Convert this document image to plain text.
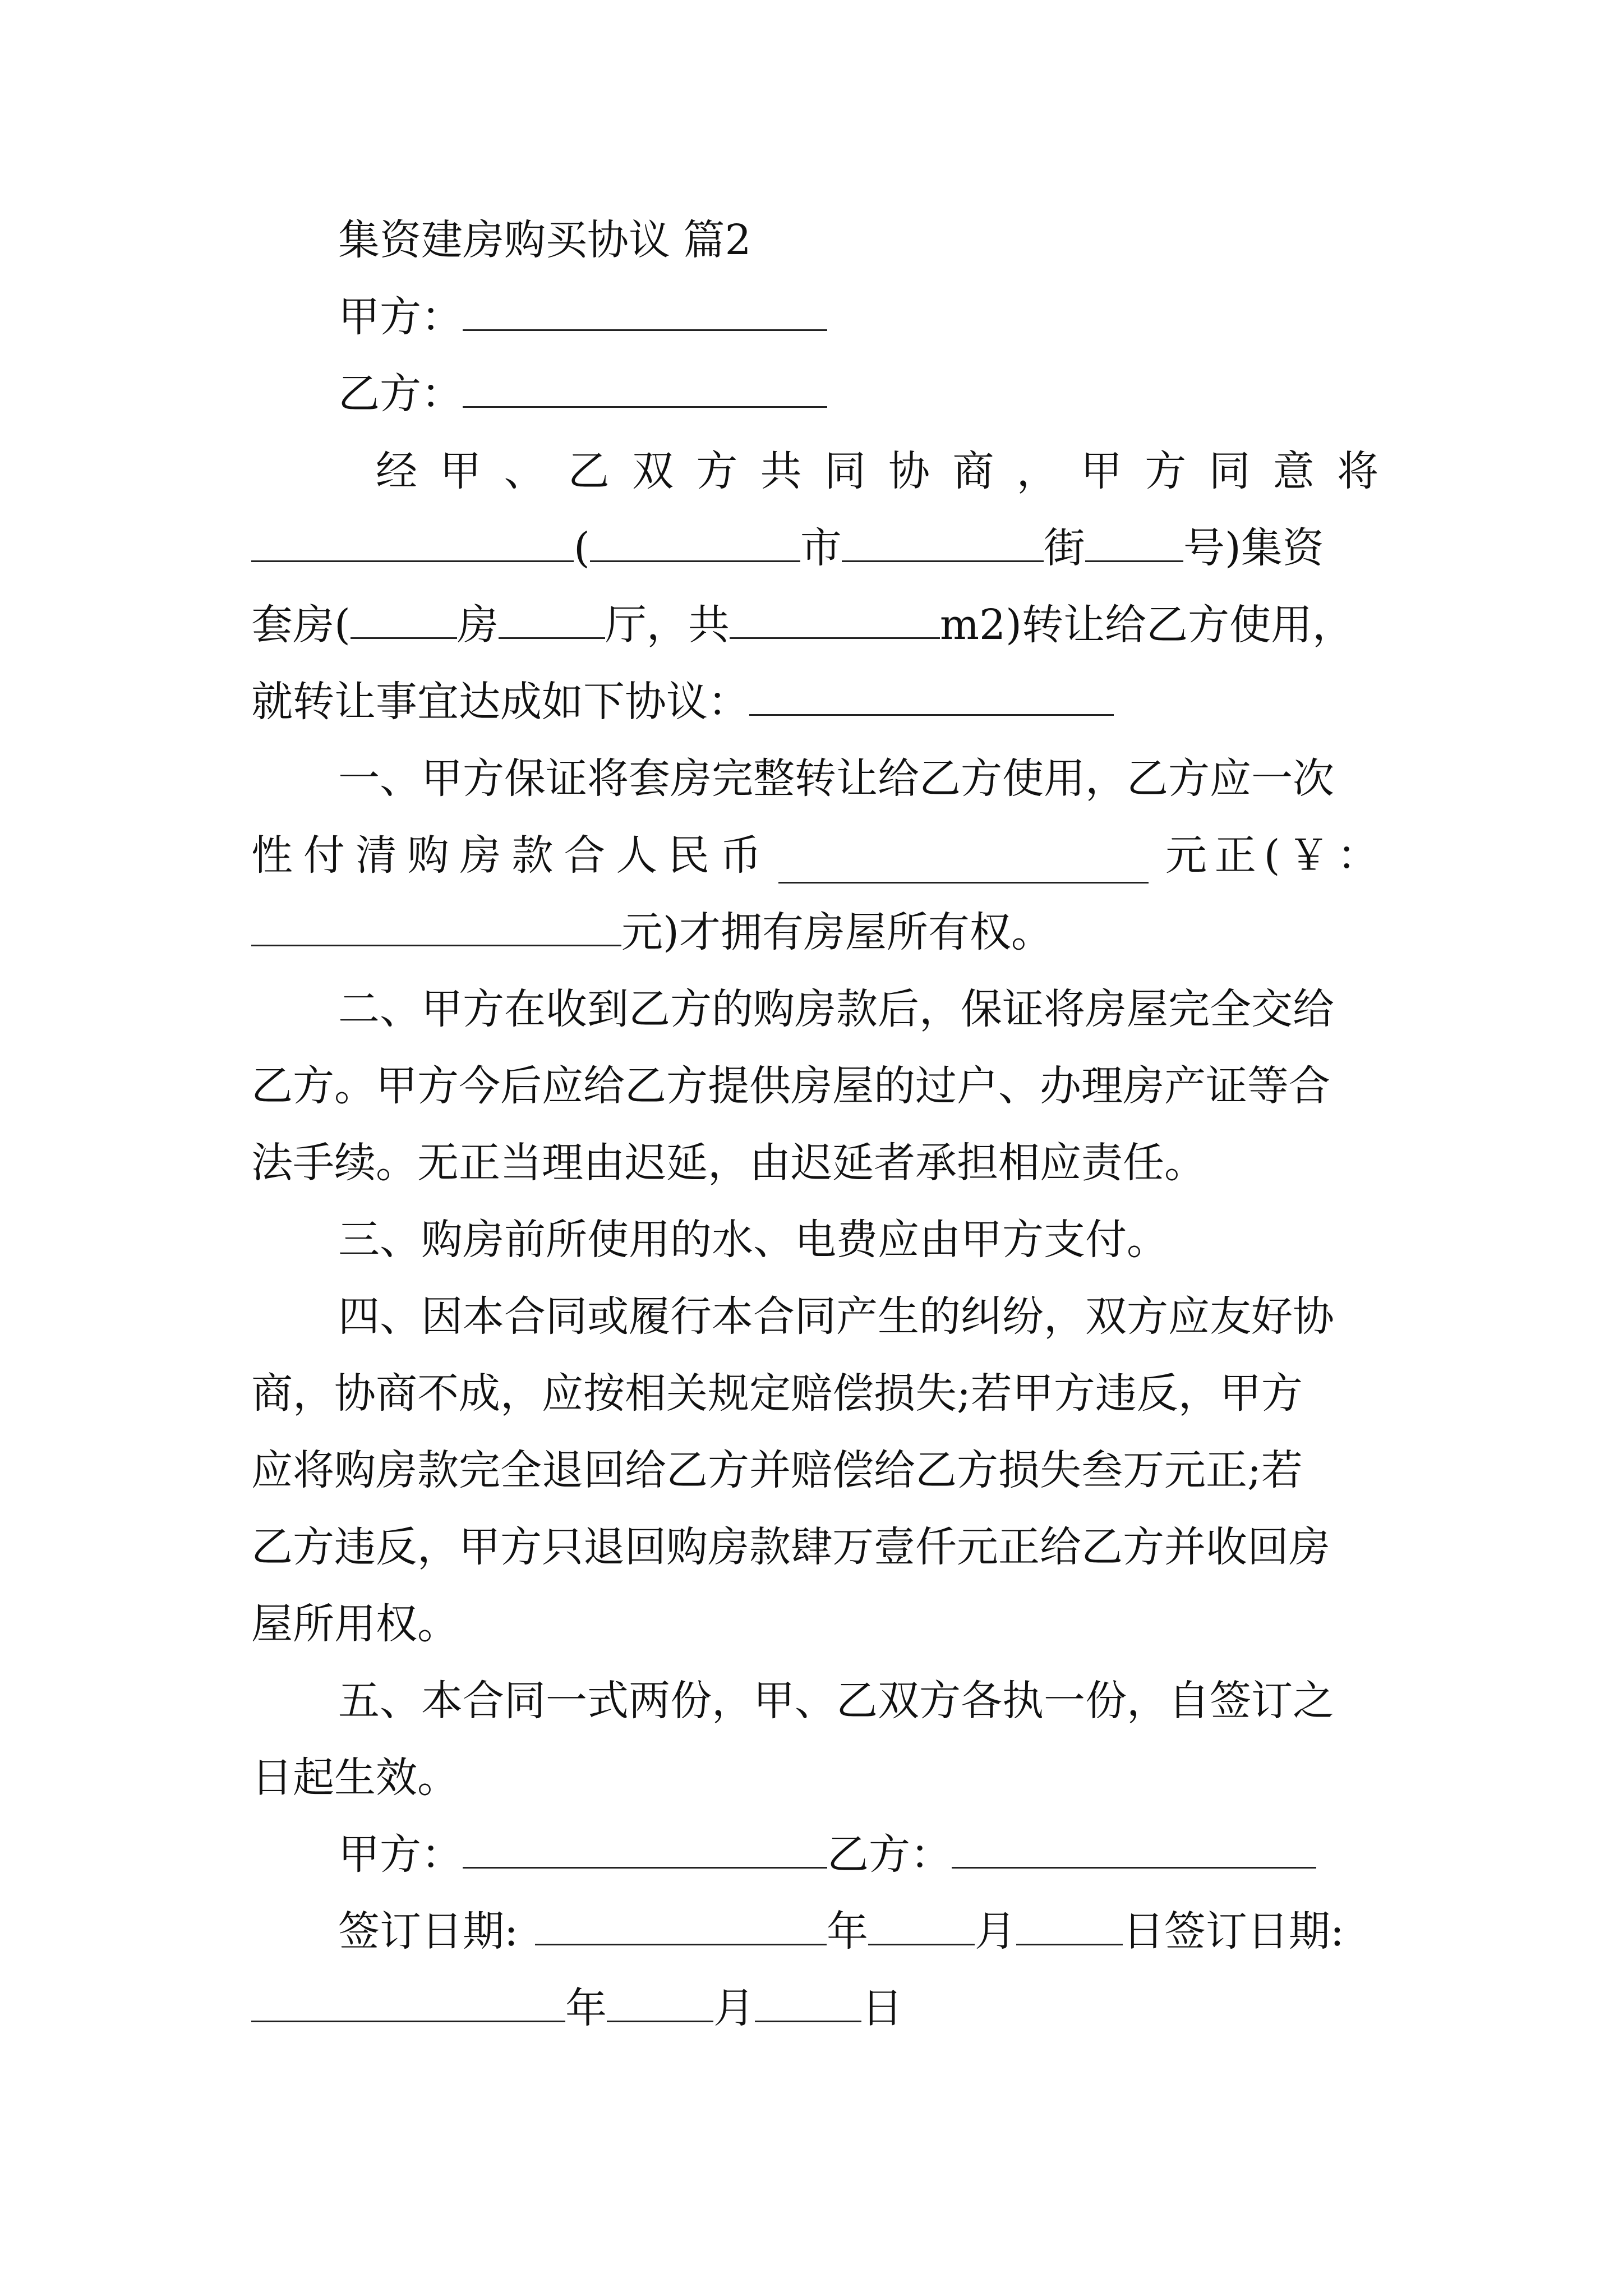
集资建房购买协议 篇2
甲方：
乙方：
经 甲 、 乙 双 方 共 同 协 商 ， 甲 方 同 意 将
(	市	街 号)集资
套房(	房	厅，共	m2)转让给乙方使用，
就转让事宜达成如下协议：
一、甲方保证将套房完整转让给乙方使用，乙方应一次
性 付 清 购 房 款 合 人 民 币	元 正 ( ￥ ：
元)才拥有房屋所有权。
二、甲方在收到乙方的购房款后，保证将房屋完全交给
乙方。甲方今后应给乙方提供房屋的过户、办理房产证等合
法手续。无正当理由迟延，由迟延者承担相应责任。
三、购房前所使用的水、电费应由甲方支付。
四、因本合同或履行本合同产生的纠纷，双方应友好协
商，协商不成，应按相关规定赔偿损失;若甲方违反，甲方
应将购房款完全退回给乙方并赔偿给乙方损失叁万元正;若
乙方违反，甲方只退回购房款肆万壹仟元正给乙方并收回房
屋所用权。
五、本合同一式两份，甲、乙双方各执一份，自签订之
日起生效。
甲方：	乙方：
签订日期:	年	月	日签订日期:
年	月	日
